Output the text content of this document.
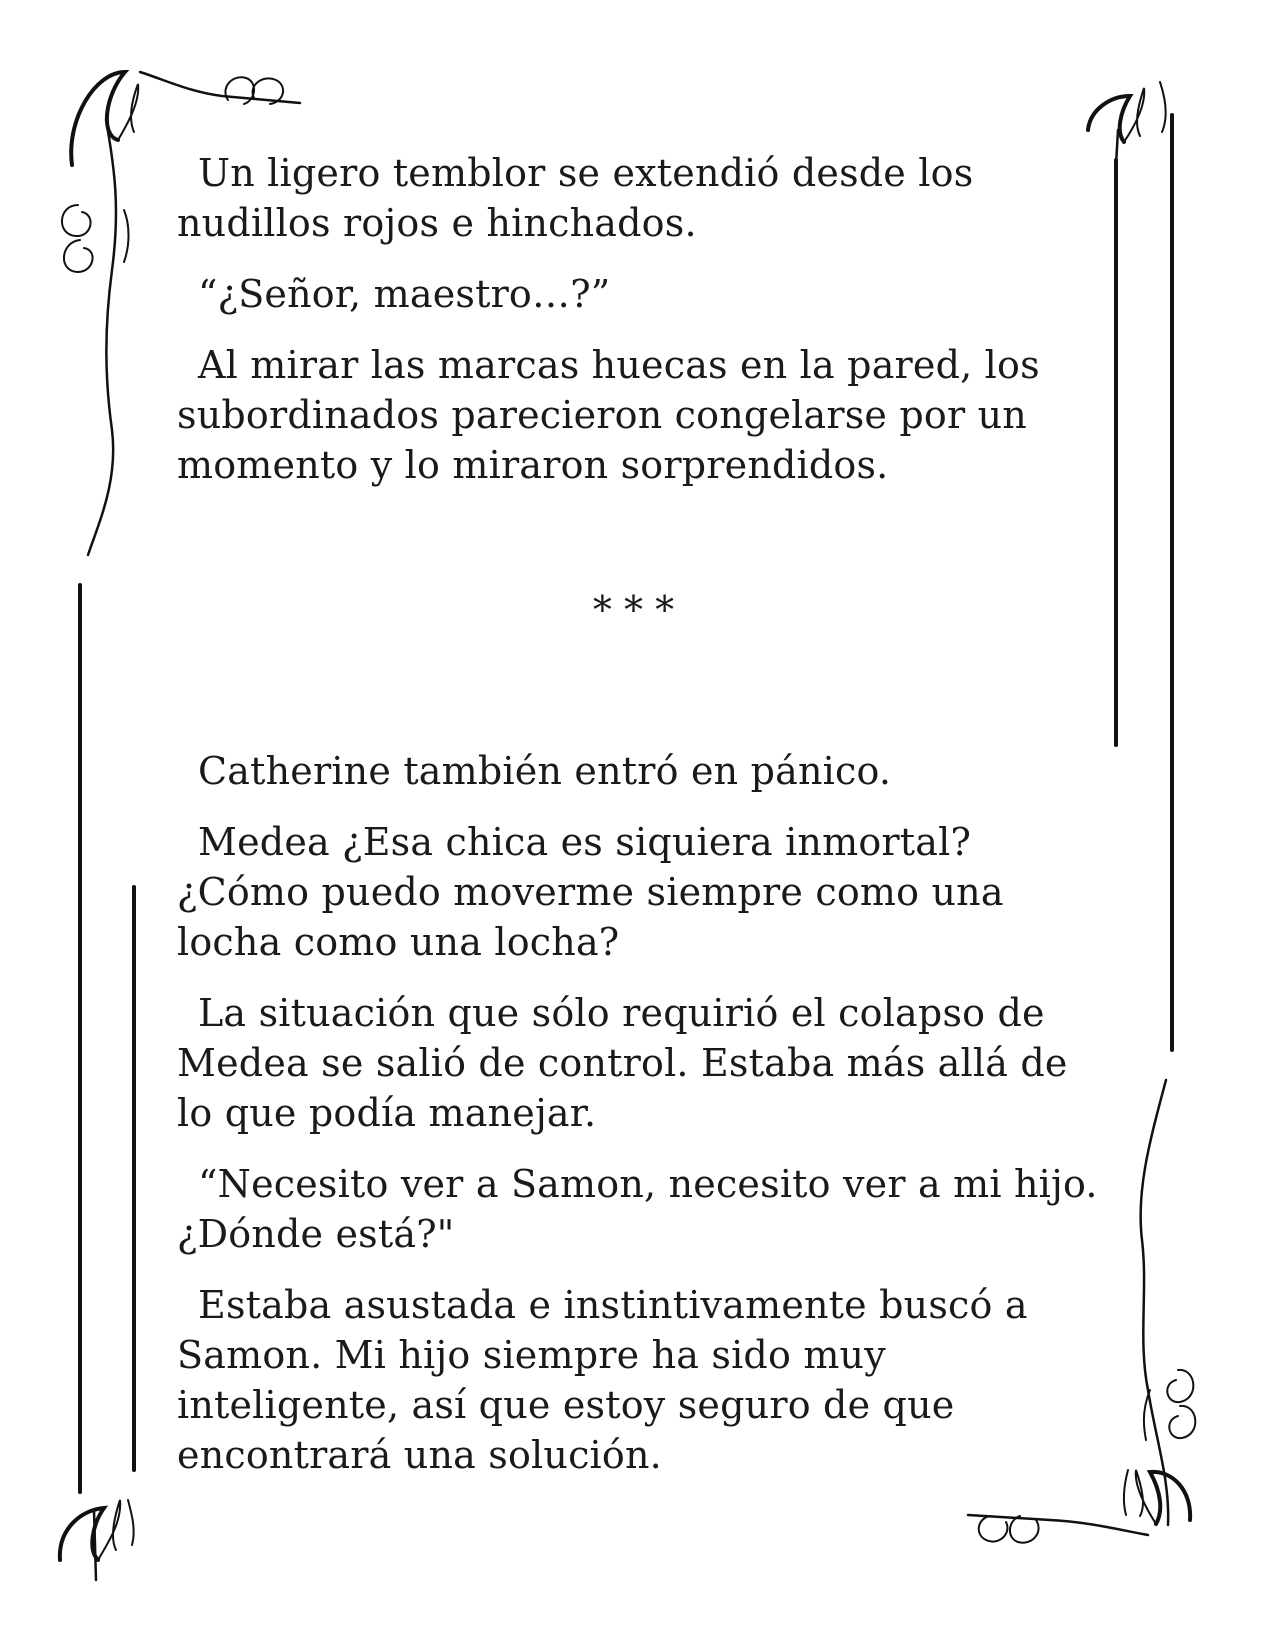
Un ligero temblor se extendió desde los
nudillos rojos e hinchados.

“¿Señor, maestro…?”

Al mirar las marcas huecas en la pared, los
subordinados parecieron congelarse por un
momento y lo miraron sorprendidos.

* * *

Catherine también entró en pánico.

Medea ¿Esa chica es siquiera inmortal?
¿Cómo puedo moverme siempre como una
locha como una locha?

La situación que sólo requirió el colapso de
Medea se salió de control. Estaba más allá de
lo que podía manejar.

“Necesito ver a Samon, necesito ver a mi hijo.
¿Dónde está?"

Estaba asustada e instintivamente buscó a
Samon. Mi hijo siempre ha sido muy
inteligente, así que estoy seguro de que
encontrará una solución.
